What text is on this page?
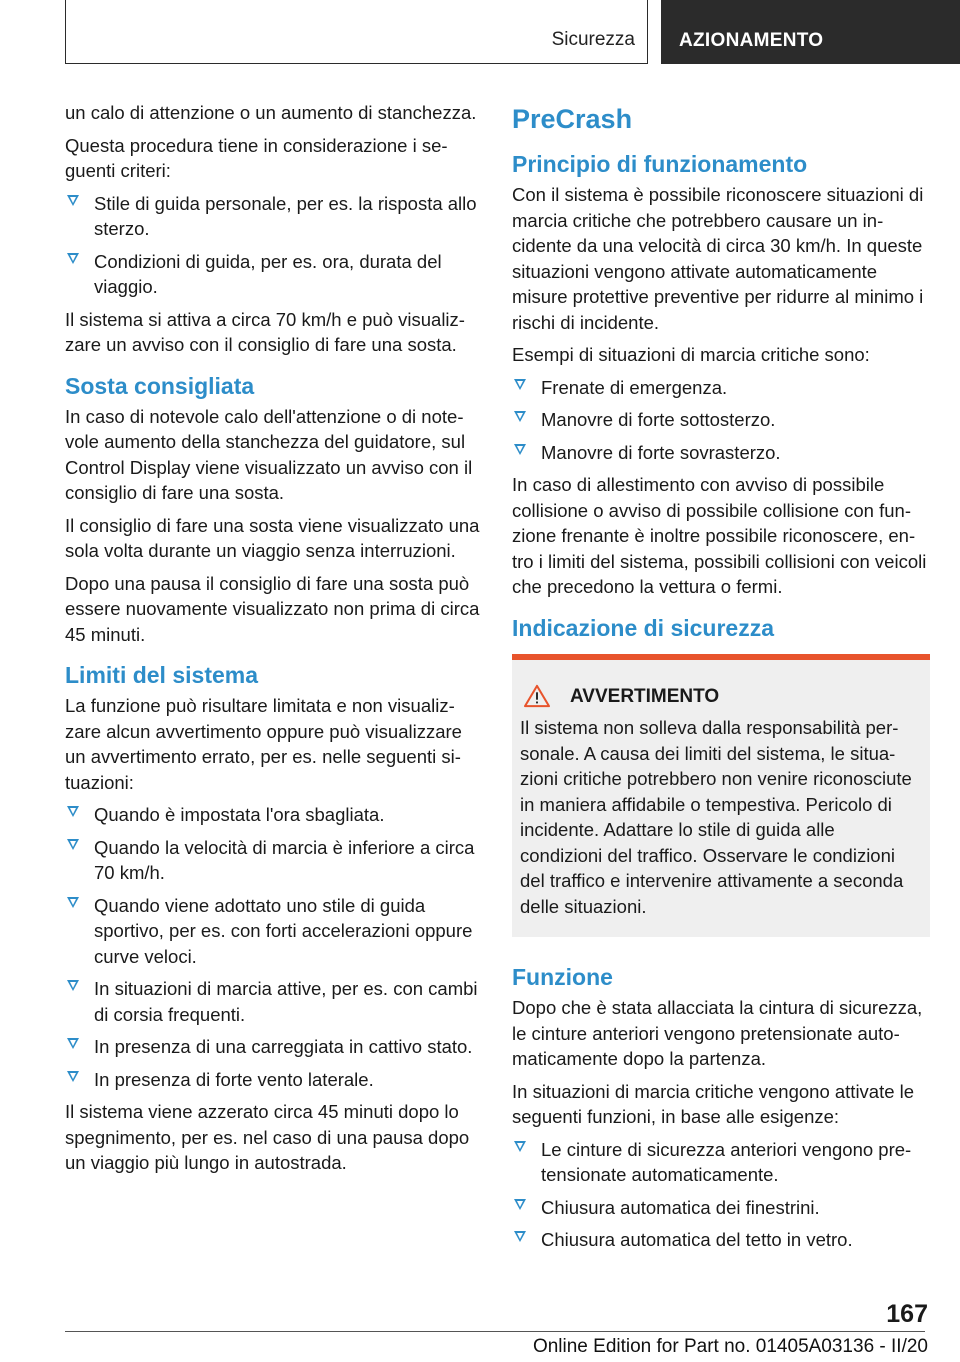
Sicurezza AZIONAMENTO

un calo di attenzione o un aumento di stanchezza.

Questa procedura tiene in considerazione i seguenti criteri:

Stile di guida personale, per es. la risposta allo sterzo.
Condizioni di guida, per es. ora, durata del viaggio.

Il sistema si attiva a circa 70 km/h e può visualizzare un avviso con il consiglio di fare una sosta.

Sosta consigliata

In caso di notevole calo dell'attenzione o di notevole aumento della stanchezza del guidatore, sul Control Display viene visualizzato un avviso con il consiglio di fare una sosta.

Il consiglio di fare una sosta viene visualizzato una sola volta durante un viaggio senza interruzioni.

Dopo una pausa il consiglio di fare una sosta può essere nuovamente visualizzato non prima di circa 45 minuti.

Limiti del sistema

La funzione può risultare limitata e non visualizzare alcun avvertimento oppure può visualizzare un avvertimento errato, per es. nelle seguenti situazioni:

Quando è impostata l'ora sbagliata.
Quando la velocità di marcia è inferiore a circa 70 km/h.
Quando viene adottato uno stile di guida sportivo, per es. con forti accelerazioni oppure curve veloci.
In situazioni di marcia attive, per es. con cambi di corsia frequenti.
In presenza di una carreggiata in cattivo stato.
In presenza di forte vento laterale.

Il sistema viene azzerato circa 45 minuti dopo lo spegnimento, per es. nel caso di una pausa dopo un viaggio più lungo in autostrada.

PreCrash
Principio di funzionamento

Con il sistema è possibile riconoscere situazioni di marcia critiche che potrebbero causare un incidente da una velocità di circa 30 km/h. In queste situazioni vengono attivate automaticamente misure protettive preventive per ridurre al minimo i rischi di incidente.

Esempi di situazioni di marcia critiche sono:

Frenate di emergenza.
Manovre di forte sottosterzo.
Manovre di forte sovrasterzo.

In caso di allestimento con avviso di possibile collisione o avviso di possibile collisione con funzione frenante è inoltre possibile riconoscere, entro i limiti del sistema, possibili collisioni con veicoli che precedono la vettura o fermi.

Indicazione di sicurezza
AVVERTIMENTO

Il sistema non solleva dalla responsabilità personale. A causa dei limiti del sistema, le situazioni critiche potrebbero non venire riconosciute in maniera affidabile o tempestiva. Pericolo di incidente. Adattare lo stile di guida alle condizioni del traffico. Osservare le condizioni del traffico e intervenire attivamente a seconda delle situazioni.

Funzione

Dopo che è stata allacciata la cintura di sicurezza, le cinture anteriori vengono pretensionate automaticamente dopo la partenza.

In situazioni di marcia critiche vengono attivate le seguenti funzioni, in base alle esigenze:

Le cinture di sicurezza anteriori vengono pretensionate automaticamente.
Chiusura automatica dei finestrini.
Chiusura automatica del tetto in vetro.
167
Online Edition for Part no. 01405A03136 - II/20
